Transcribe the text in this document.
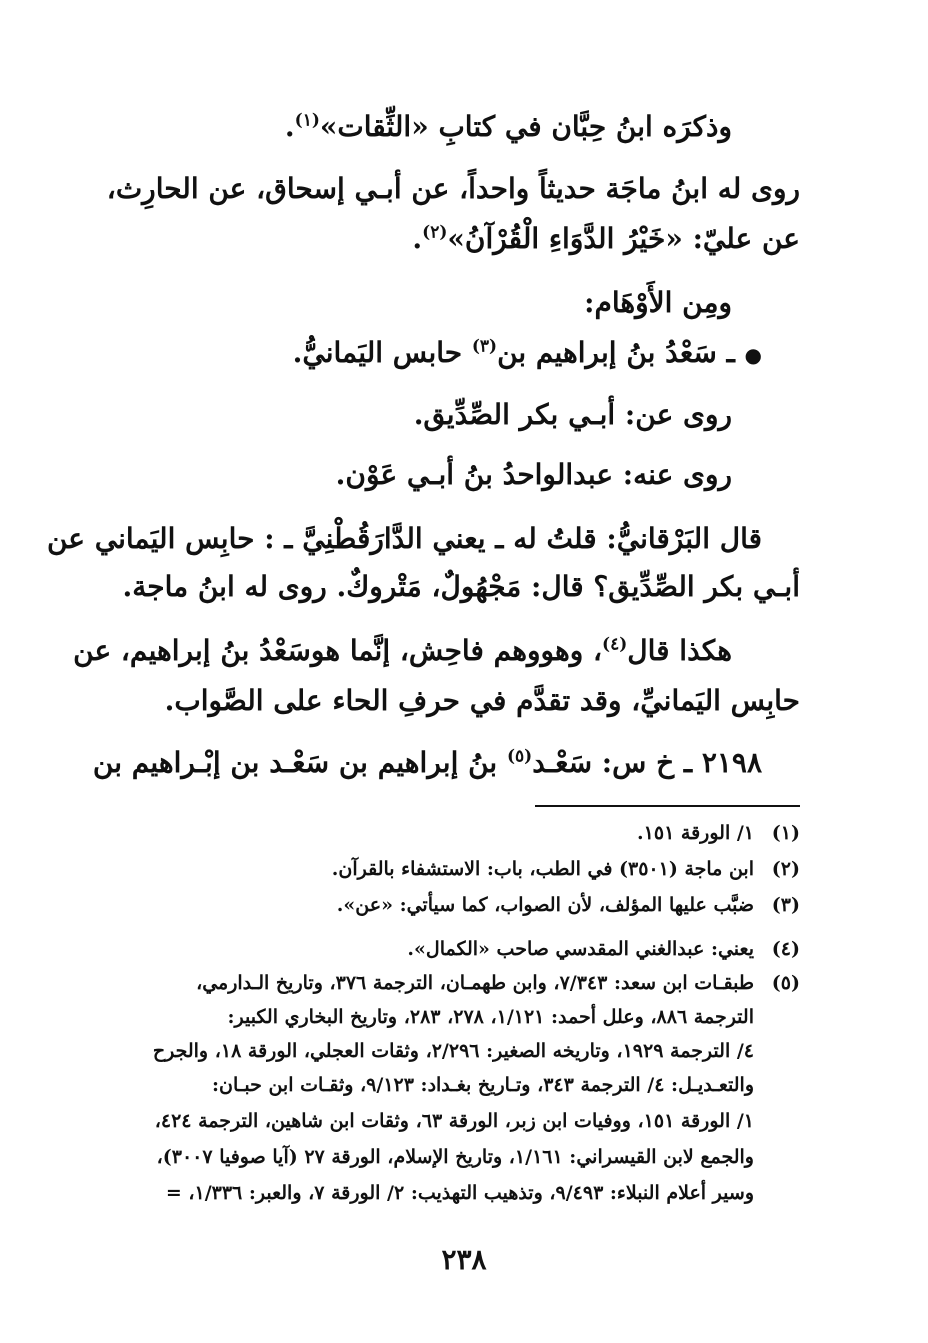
وذكرَه ابنُ حِبَّان في كتابِ «الثِّقات»$^{(١)}$.
روى له ابنُ ماجَة حديثاً واحداً، عن أبـي إسحاق، عن الحارِث،
عن عليّ: «خَيْرُ الدَّوَاءِ الْقُرْآنُ»$^{(٢)}$.
ومِن الأَوْهَام:
● ـ سَعْدُ بنُ إبراهيم بن$^{(٣)}$ حابس اليَمانيُّ.
روى عن: أبـي بكر الصِّدِّيق.
روى عنه: عبدالواحدُ بنُ أبـي عَوْن.
قال البَرْقانيُّ: قلتُ له ـ يعني الدَّارَقُطْنِيَّ ـ : حابِس اليَماني عن
أبـي بكر الصِّدِّيق؟ قال: مَجْهُولٌ، مَتْروكٌ. روى له ابنُ ماجة.
هكذا قال$^{(٤)}$، وهووهم فاحِش، إنَّما هوسَعْدُ بنُ إبراهيم، عن
حابِس اليَمانيِّ، وقد تقدَّم في حرفِ الحاء على الصَّواب.
٢١٩٨ ـ خ س: سَعْـد$^{(٥)}$ بنُ إبراهيم بن سَعْـد بن إبْـراهيم بن
(١)١/ الورقة ١٥١.
(٢)ابن ماجة (٣٥٠١) في الطب، باب: الاستشفاء بالقرآن.
(٣)ضبَّب عليها المؤلف، لأن الصواب، كما سيأتي: «عن».
(٤)يعني: عبدالغني المقدسي صاحب «الكمال».
(٥)طبقـات ابن سعد: ٧/٣٤٣، وابن طهمـان، الترجمة ٣٧٦، وتاريخ الـدارمي،
الترجمة ٨٨٦، وعلل أحمد: ١/١٢١، ٢٧٨، ٢٨٣، وتاريخ البخاري الكبير:
٤/ الترجمة ١٩٢٩، وتاريخه الصغير: ٢/٢٩٦، وثقات العجلي، الورقة ١٨، والجرح
والتعـديـل: ٤/ الترجمة ٣٤٣، وتـاريخ بغـداد: ٩/١٢٣، وثقـات ابن حبـان:
١/ الورقة ١٥١، ووفيات ابن زبر، الورقة ٦٣، وثقات ابن شاهين، الترجمة ٤٢٤،
والجمع لابن القيسراني: ١/١٦١، وتاريخ الإسلام، الورقة ٢٧ (آيا صوفيا ٣٠٠٧)،
وسير أعلام النبلاء: ٩/٤٩٣، وتذهيب التهذيب: ٢/ الورقة ٧، والعبر: ١/٣٣٦، =
٢٣٨
